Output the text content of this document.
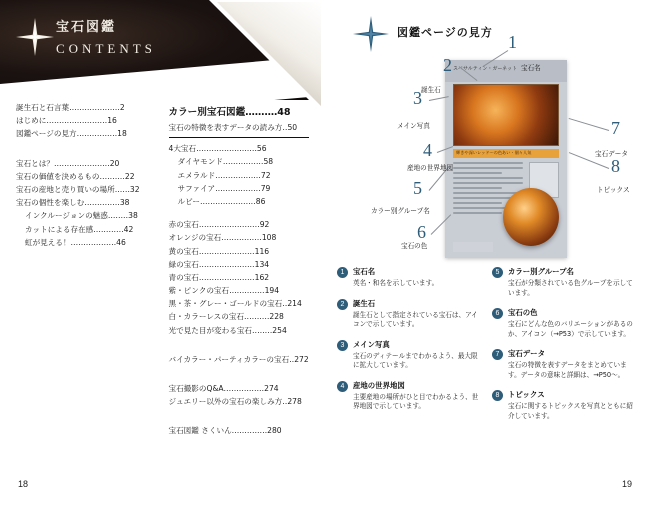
宝石図鑑
CONTENTS
誕生石と石言葉‥‥‥‥‥‥‥‥‥‥2
はじめに‥‥‥‥‥‥‥‥‥‥‥‥16
図鑑ページの見方‥‥‥‥‥‥‥‥18
宝石とは？‥‥‥‥‥‥‥‥‥‥‥20
宝石の価値を決めるもの‥‥‥‥‥22
宝石の産地と売り買いの場所‥‥‥32
宝石の個性を楽しむ‥‥‥‥‥‥‥38
インクルージョンの魅惑‥‥‥‥38
カットによる存在感‥‥‥‥‥‥42
虹が見える！‥‥‥‥‥‥‥‥‥46
カラー別宝石図鑑‥‥‥‥‥48
宝石の特徴を表すデータの読み方‥50
4大宝石‥‥‥‥‥‥‥‥‥‥‥‥56
ダイヤモンド‥‥‥‥‥‥‥‥58
エメラルド‥‥‥‥‥‥‥‥‥72
サファイア‥‥‥‥‥‥‥‥‥79
ルビー‥‥‥‥‥‥‥‥‥‥‥86
赤の宝石‥‥‥‥‥‥‥‥‥‥‥‥92
オレンジの宝石‥‥‥‥‥‥‥‥108
黄の宝石‥‥‥‥‥‥‥‥‥‥‥116
緑の宝石‥‥‥‥‥‥‥‥‥‥‥134
青の宝石‥‥‥‥‥‥‥‥‥‥‥162
紫・ピンクの宝石‥‥‥‥‥‥‥194
黒・茶・グレー・ゴールドの宝石‥214
白・カラーレスの宝石‥‥‥‥‥228
光で見た目が変わる宝石‥‥‥‥254
バイカラー・パーティカラーの宝石‥272
宝石撮影のQ&A‥‥‥‥‥‥‥‥274
ジュエリー以外の宝石の楽しみ方‥278
宝石図鑑 さくいん‥‥‥‥‥‥‥280
18
図鑑ページの見方
スペサルティン・ガーネット
輝きや深いレッド〜の色あい・個々人気
1
宝石名
2
誕生石
3
メイン写真
4
産地の世界地図
5
カラー別グループ名
6
宝石の色
7
宝石データ
8
トピックス
1	宝石名
英名・和名を示しています。
2	誕生石
誕生石として指定されている宝石は、アイコンで示しています。
3	メイン写真
宝石のディテールまでわかるよう、最大限に拡大しています。
4	産地の世界地図
主要産地の場所がひと目でわかるよう、世界地図で示しています。
5	カラー別グループ名
宝石が分類されている色グループを示しています。
6	宝石の色
宝石にどんな色のバリエーションがあるのか、アイコン（→P53）で示しています。
7	宝石データ
宝石の特徴を表すデータをまとめています。データの意味と詳細は、→P50〜。
8	トピックス
宝石に関するトピックスを写真とともに紹介しています。
19
